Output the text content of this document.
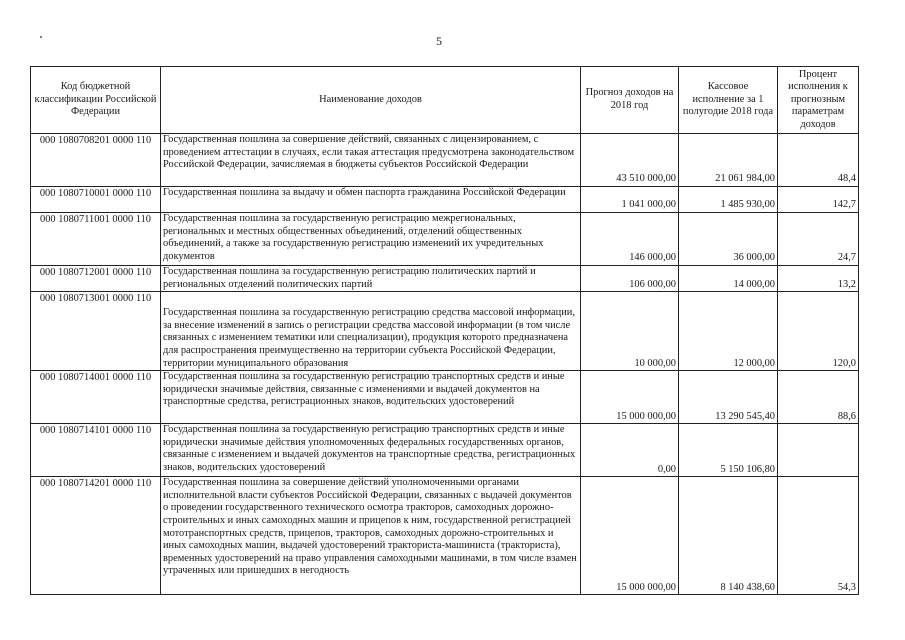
5
Код бюджетной классификации Российской Федерации	Наименование доходов	Прогноз доходов на 2018 год	Кассовое исполнение за 1 полугодие 2018 года	Процент исполнения к прогнозным параметрам доходов
000 1080708201 0000 110	Государственная пошлина за совершение действий, связанных с лицензированием, с проведением аттестации в случаях, если такая аттестация предусмотрена законодательством Российской Федерации, зачисляемая в бюджеты субъектов Российской Федерации	43 510 000,00	21 061 984,00	48,4
000 1080710001 0000 110	Государственная пошлина за выдачу и обмен паспорта гражданина Российской Федерации	1 041 000,00	1 485 930,00	142,7
000 1080711001 0000 110	Государственная пошлина за государственную регистрацию межрегиональных, региональных и местных общественных объединений, отделений общественных объединений, а также за государственную регистрацию изменений их учредительных документов	146 000,00	36 000,00	24,7
000 1080712001 0000 110	Государственная пошлина за государственную регистрацию политических партий и региональных отделений политических партий	106 000,00	14 000,00	13,2
000 1080713001 0000 110	Государственная пошлина за государственную регистрацию средства массовой информации, за внесение изменений в запись о регистрации средства массовой информации (в том числе связанных с изменением тематики или специализации), продукция которого предназначена для распространения преимущественно на территории субъекта Российской Федерации, территории муниципального образования	10 000,00	12 000,00	120,0
000 1080714001 0000 110	Государственная пошлина за государственную регистрацию транспортных средств и иные юридически значимые действия, связанные с изменениями и выдачей документов на транспортные средства, регистрационных знаков, водительских удостоверений	15 000 000,00	13 290 545,40	88,6
000 1080714101 0000 110	Государственная пошлина за государственную регистрацию транспортных средств и иные юридически значимые действия уполномоченных федеральных государственных органов, связанные с изменением и выдачей документов на транспортные средства, регистрационных знаков, водительских удостоверений	0,00	5 150 106,80	
000 1080714201 0000 110	Государственная пошлина за совершение действий уполномоченными органами исполнительной власти субъектов Российской Федерации, связанных с выдачей документов о проведении государственного технического осмотра тракторов, самоходных дорожно-строительных и иных самоходных машин и прицепов к ним, государственной регистрацией мототранспортных средств, прицепов, тракторов, самоходных дорожно-строительных и иных самоходных машин, выдачей удостоверений тракториста-машиниста (тракториста), временных удостоверений на право управления самоходными машинами, в том числе взамен утраченных или пришедших в негодность	15 000 000,00	8 140 438,60	54,3
